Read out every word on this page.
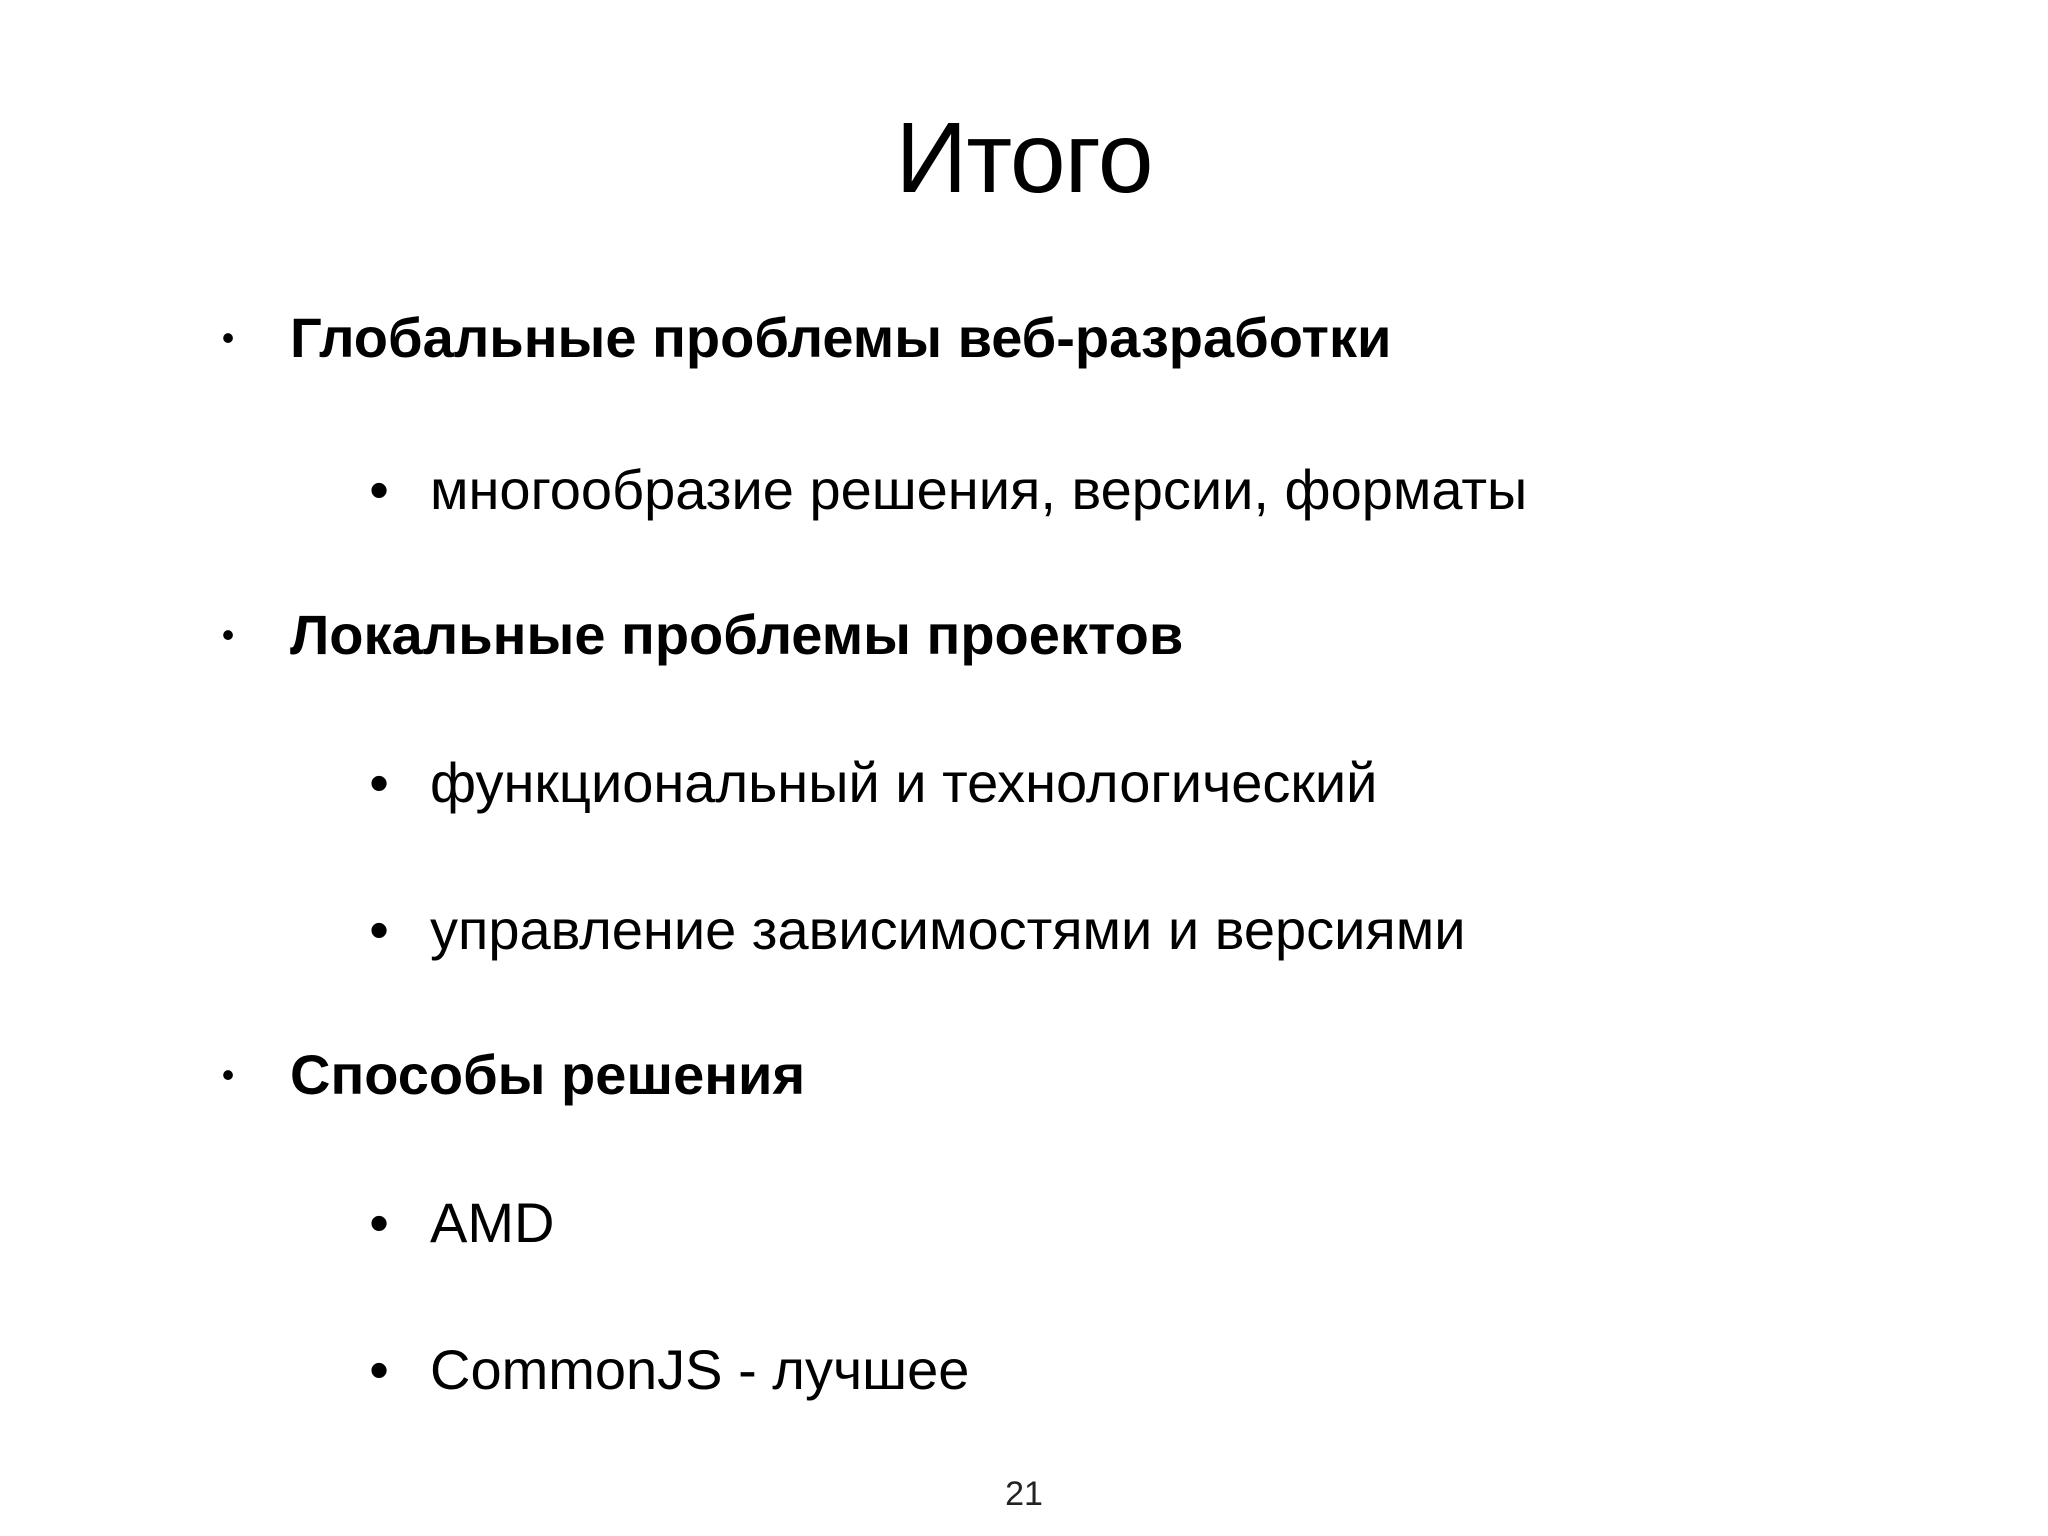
Итого
• Глобальные проблемы веб-разработки
• многообразие решения, версии, форматы
• Локальные проблемы проектов
• функциональный и технологический
• управление зависимостями и версиями
• Способы решения
• AMD
• CommonJS - лучшее
21
